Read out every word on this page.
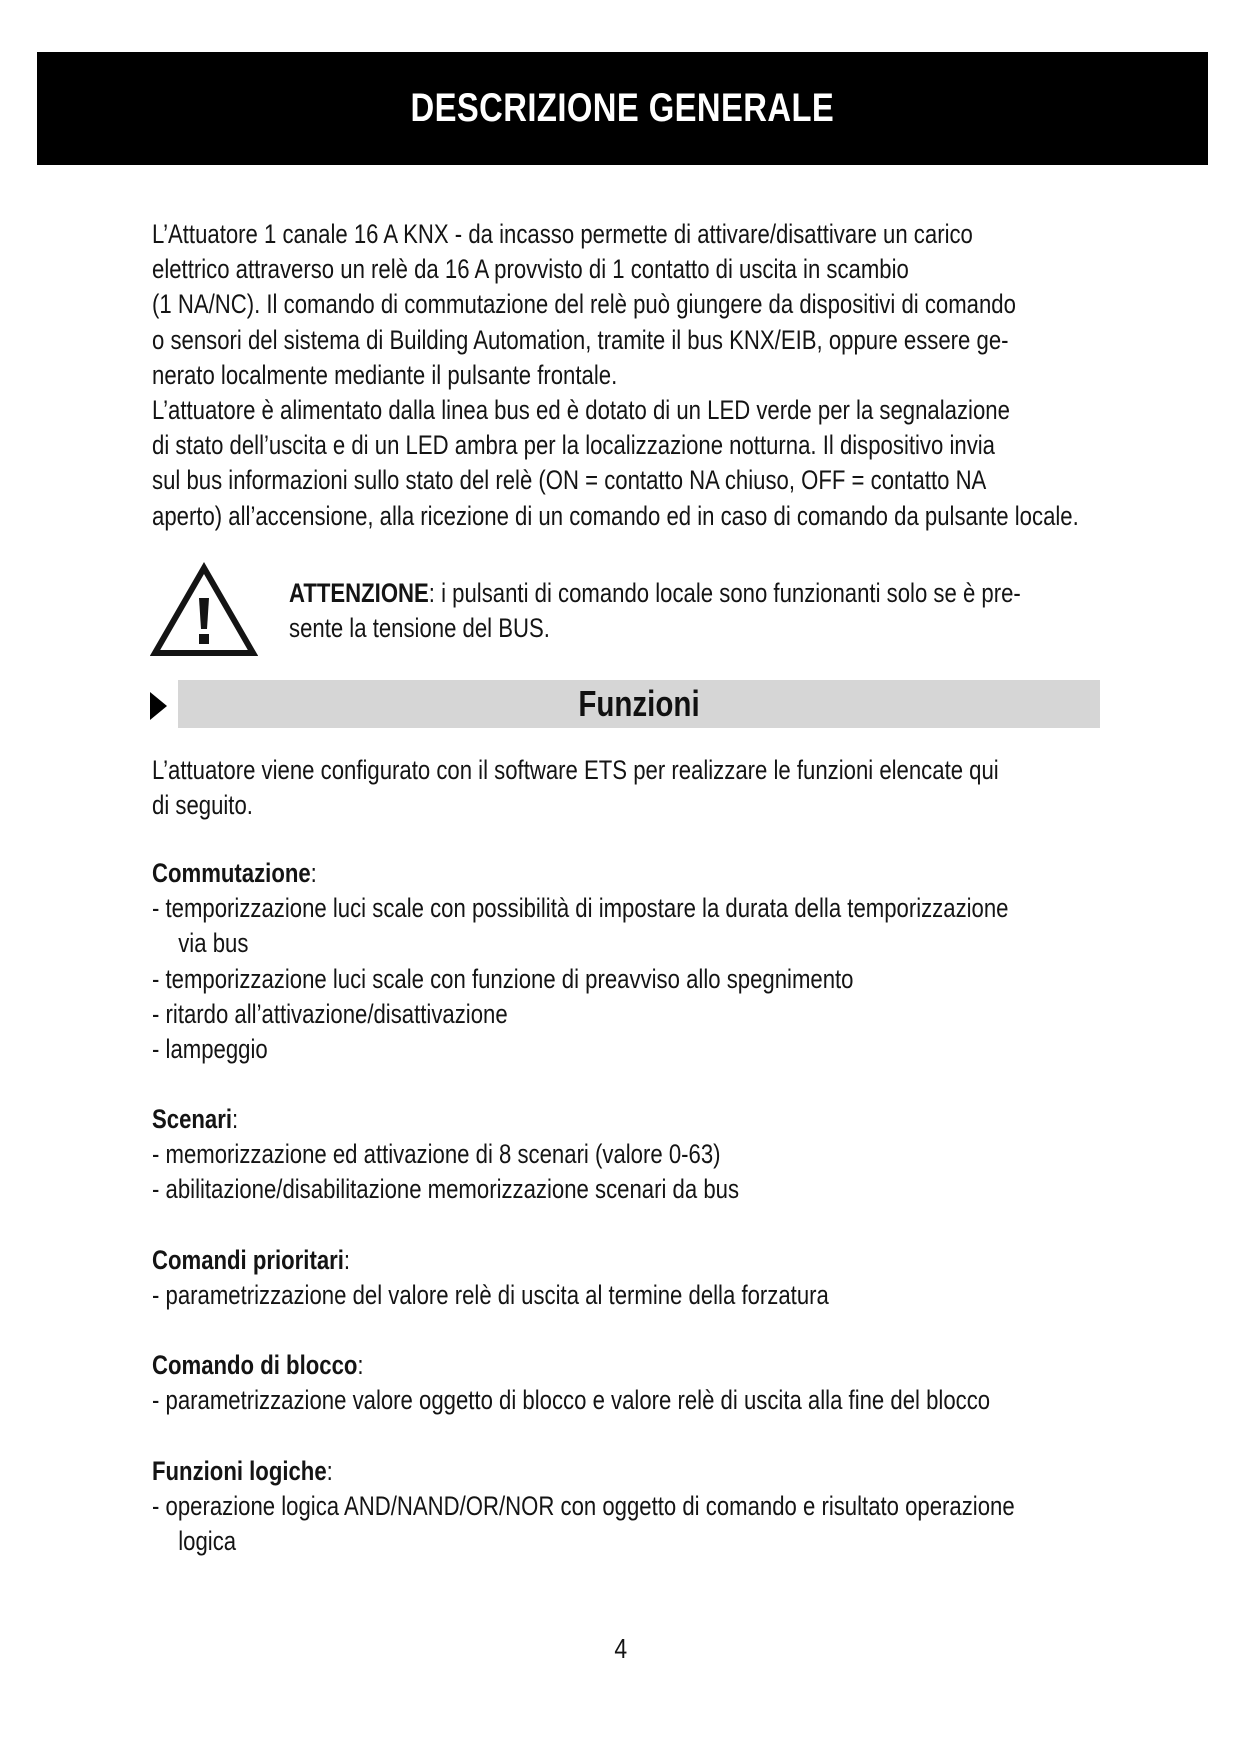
DESCRIZIONE GENERALE

L’Attuatore 1 canale 16 A KNX - da incasso permette di attivare/disattivare un carico

elettrico attraverso un relè da 16 A provvisto di 1 contatto di uscita in scambio

(1 NA/NC). Il comando di commutazione del relè può giungere da dispositivi di comando

o sensori del sistema di Building Automation, tramite il bus KNX/EIB, oppure essere ge-

nerato localmente mediante il pulsante frontale.

L’attuatore è alimentato dalla linea bus ed è dotato di un LED verde per la segnalazione

di stato dell’uscita e di un LED ambra per la localizzazione notturna. Il dispositivo invia

sul bus informazioni sullo stato del relè (ON = contatto NA chiuso, OFF = contatto NA

aperto) all’accensione, alla ricezione di un comando ed in caso di comando da pulsante locale.

ATTENZIONE: i pulsanti di comando locale sono funzionanti solo se è pre-

sente la tensione del BUS.

Funzioni

L’attuatore viene configurato con il software ETS per realizzare le funzioni elencate qui

di seguito.

Commutazione:

- temporizzazione luci scale con possibilità di impostare la durata della temporizzazione

via bus

- temporizzazione luci scale con funzione di preavviso allo spegnimento

- ritardo all’attivazione/disattivazione

- lampeggio

Scenari:

- memorizzazione ed attivazione di 8 scenari (valore 0-63)

- abilitazione/disabilitazione memorizzazione scenari da bus

Comandi prioritari:

- parametrizzazione del valore relè di uscita al termine della forzatura

Comando di blocco:

- parametrizzazione valore oggetto di blocco e valore relè di uscita alla fine del blocco

Funzioni logiche:

- operazione logica AND/NAND/OR/NOR con oggetto di comando e risultato operazione

logica

4
